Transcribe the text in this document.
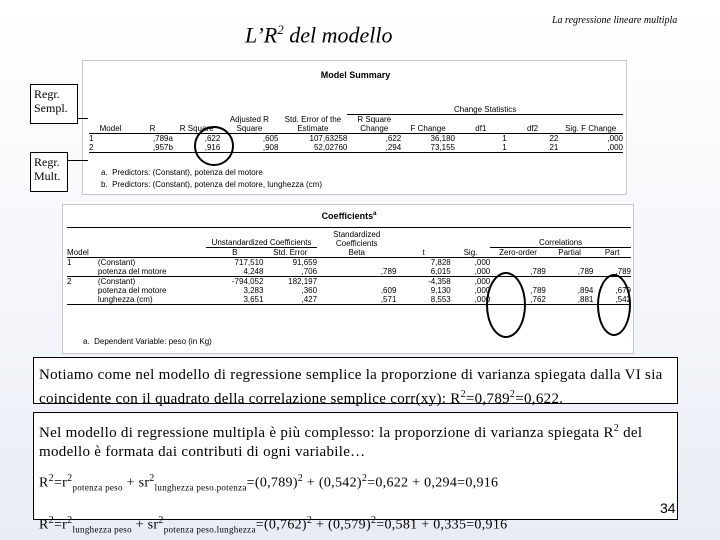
$L’R^2$ del modello
La regressione lineare multipla
Model Summary
					Change Statistics				
Model	R	R Square	Adjusted R Square	Std. Error of the Estimate	R Square Change	F Change	df1	df2	Sig. F Change
1	,789a	,622	,605	107,63258	,622	36,180	1	22	,000
2	,957b	,916	,908	52,02760	,294	73,155	1	21	,000
a. Predictors: (Constant), potenza del motore
b. Predictors: (Constant), potenza del motore, lunghezza (cm)
Regr. Sempl.
Regr. Mult.
Coefficients$^a$
		Unstandardized Coefficients		Standardized Coefficients			Correlations		
Model		B	Std. Error	Beta	t	Sig.	Zero-order	Partial	Part
1	(Constant)	717,510	91,659		7,828	,000			
	potenza del motore	4,248	,706	,789	6,015	,000	,789	,789	,789
2	(Constant)	-794,052	182,197		-4,358	,000			
	potenza del motore	3,283	,360	,609	9,130	,000	,789	,894	,679
	lunghezza (cm)	3,651	,427	,571	8,553	,000	,762	,881	,542
a. Dependent Variable: peso (in Kg)
Notiamo come nel modello di regressione semplice la proporzione di varianza spiegata dalla VI sia coincidente con il quadrato della correlazione semplice corr(xy): $R^2=0,789^2=0,622$.
Nel modello di regressione multipla è più complesso: la proporzione di varianza spiegata $R^2$ del modello è formata dai contributi di ogni variabile…
$R^2=r^2_{potenza peso} + sr^2_{lunghezza peso.potenza}=(0,789)^2 + (0,542)^2=0,622 + 0,294=0,916$
$R^2=r^2_{lunghezza peso} + sr^2_{potenza peso.lunghezza}=(0,762)^2 + (0,579)^2=0,581 + 0,335=0,916$
34
